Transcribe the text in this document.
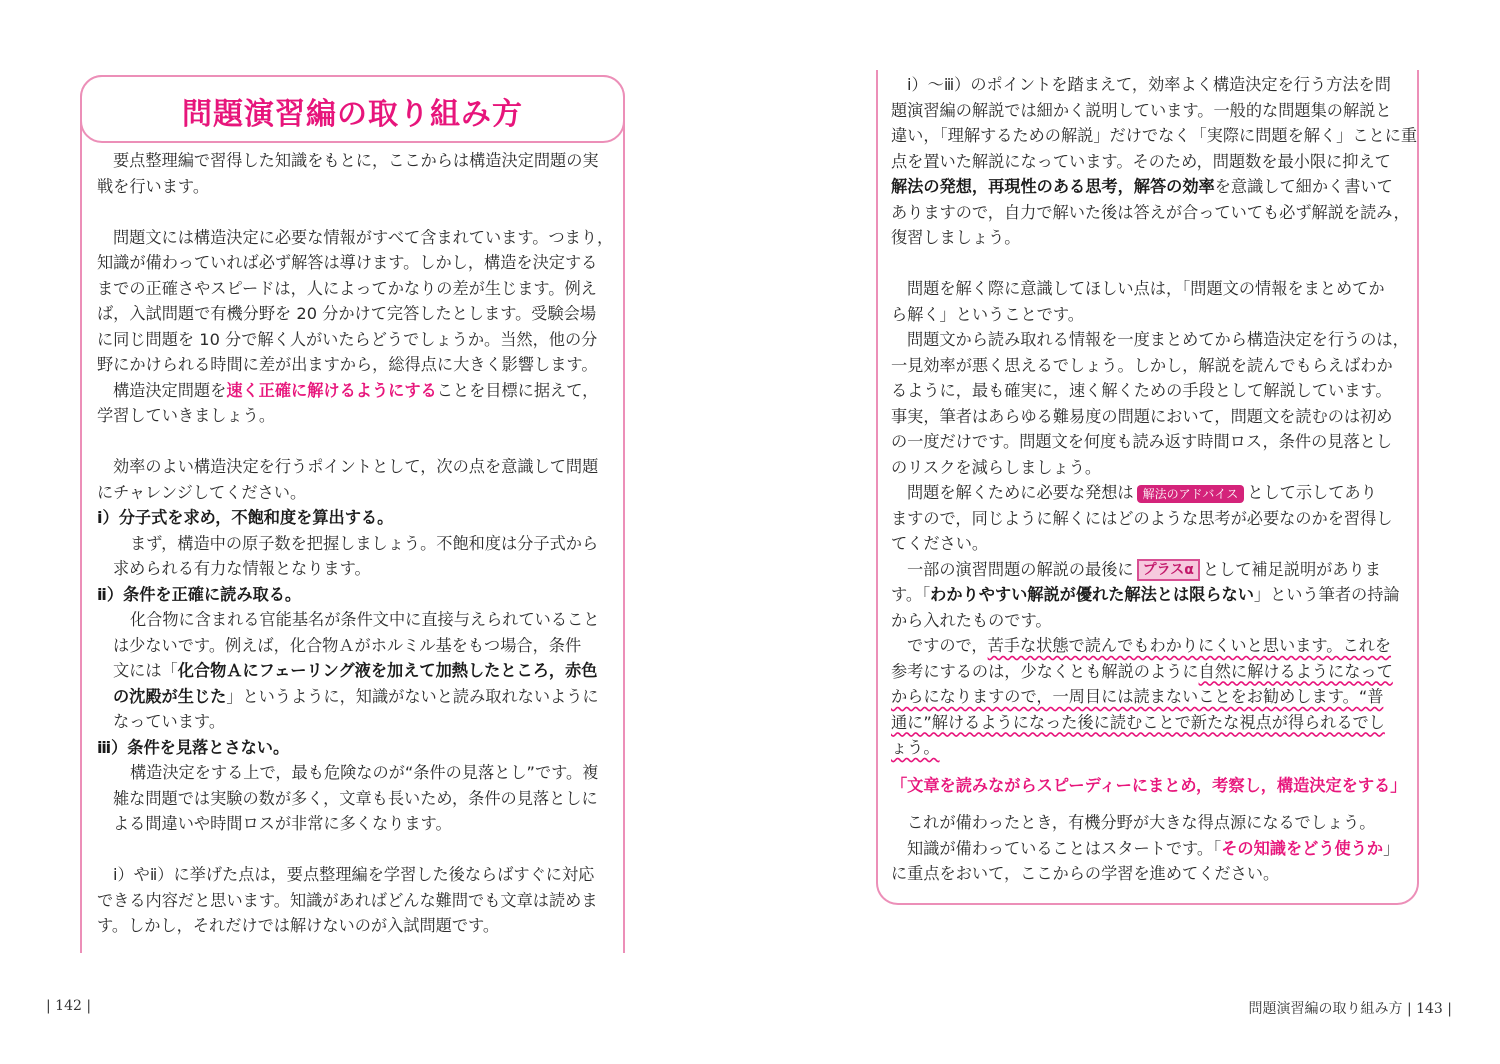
問題演習編の取り組み方
要点整理編で習得した知識をもとに，ここからは構造決定問題の実
戦を行います。
問題文には構造決定に必要な情報がすべて含まれています。つまり，
知識が備わっていれば必ず解答は導けます。しかし，構造を決定する
までの正確さやスピードは，人によってかなりの差が生じます。例え
ば，入試問題で有機分野を 20 分かけて完答したとします。受験会場
に同じ問題を 10 分で解く人がいたらどうでしょうか。当然，他の分
野にかけられる時間に差が出ますから，総得点に大きく影響します。
構造決定問題を速く正確に解けるようにすることを目標に据えて，
学習していきましょう。
効率のよい構造決定を行うポイントとして，次の点を意識して問題
にチャレンジしてください。
ⅰ）分子式を求め，不飽和度を算出する。
まず，構造中の原子数を把握しましょう。不飽和度は分子式から
求められる有力な情報となります。
ⅱ）条件を正確に読み取る。
化合物に含まれる官能基名が条件文中に直接与えられていること
は少ないです。例えば，化合物Ａがホルミル基をもつ場合，条件
文には「化合物Ａにフェーリング液を加えて加熱したところ，赤色
の沈殿が生じた」というように，知識がないと読み取れないように
なっています。
ⅲ）条件を見落とさない。
構造決定をする上で，最も危険なのが“条件の見落とし”です。複
雑な問題では実験の数が多く，文章も長いため，条件の見落としに
よる間違いや時間ロスが非常に多くなります。
ⅰ）やⅱ）に挙げた点は，要点整理編を学習した後ならばすぐに対応
できる内容だと思います。知識があればどんな難問でも文章は読めま
す。しかし，それだけでは解けないのが入試問題です。
| 142 |
ⅰ）～ⅲ）のポイントを踏まえて，効率よく構造決定を行う方法を問
題演習編の解説では細かく説明しています。一般的な問題集の解説と
違い，「理解するための解説」だけでなく「実際に問題を解く」ことに重
点を置いた解説になっています。そのため，問題数を最小限に抑えて
解法の発想，再現性のある思考，解答の効率を意識して細かく書いて
ありますので，自力で解いた後は答えが合っていても必ず解説を読み，
復習しましょう。
問題を解く際に意識してほしい点は，「問題文の情報をまとめてか
ら解く」ということです。
問題文から読み取れる情報を一度まとめてから構造決定を行うのは，
一見効率が悪く思えるでしょう。しかし，解説を読んでもらえばわか
るように，最も確実に，速く解くための手段として解説しています。
事実，筆者はあらゆる難易度の問題において，問題文を読むのは初め
の一度だけです。問題文を何度も読み返す時間ロス，条件の見落とし
のリスクを減らしましょう。
問題を解くために必要な発想は 解法のアドバイス として示してあり
ますので，同じように解くにはどのような思考が必要なのかを習得し
てください。
一部の演習問題の解説の最後に プラスα として補足説明がありま
す。「わかりやすい解説が優れた解法とは限らない」という筆者の持論
から入れたものです。
ですので，苦手な状態で読んでもわかりにくいと思います。これを
参考にするのは，少なくとも解説のように自然に解けるようになって
からになりますので，一周目には読まないことをお勧めします。“普
通に”解けるようになった後に読むことで新たな視点が得られるでし
ょう。
「文章を読みながらスピーディーにまとめ，考察し，構造決定をする」
これが備わったとき，有機分野が大きな得点源になるでしょう。
知識が備わっていることはスタートです。「その知識をどう使うか」
に重点をおいて，ここからの学習を進めてください。
問題演習編の取り組み方 | 143 |
